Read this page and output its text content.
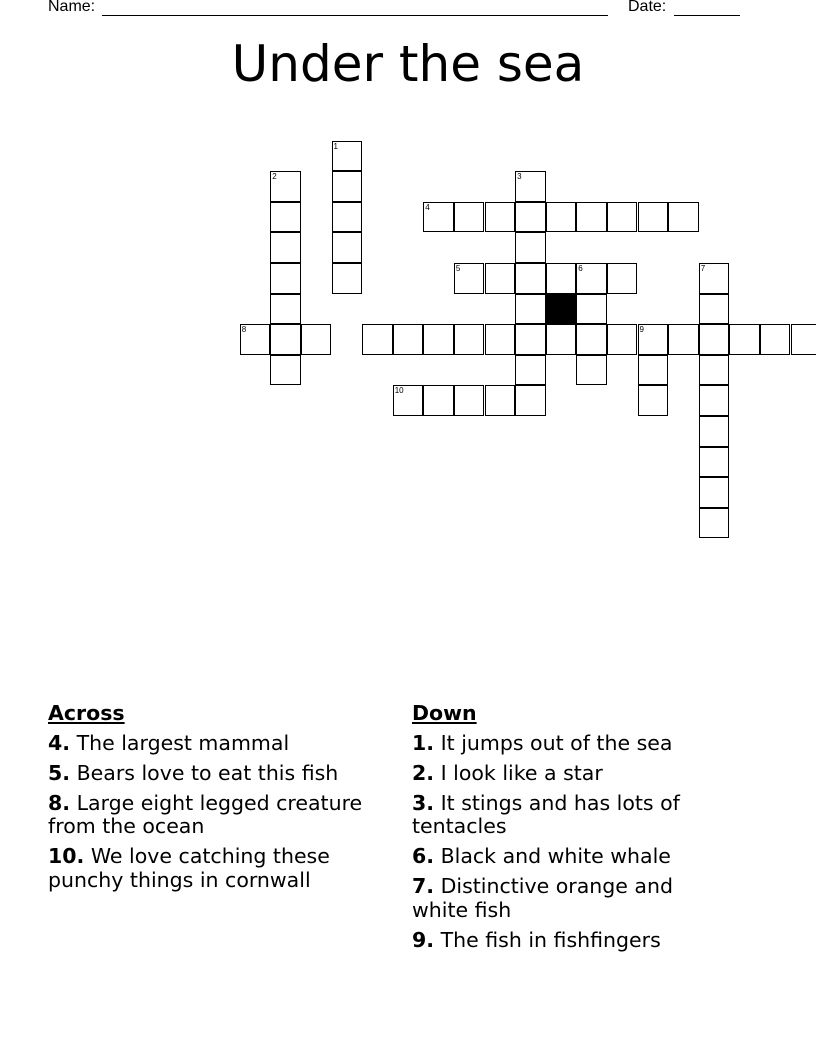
Name:	Date:
Under the sea
1
2	3
4
5	6	7
8	9
10
Across
4. The largest mammal
5. Bears love to eat this fish
8. Large eight legged creature from the ocean
10. We love catching these punchy things in cornwall
Down
1. It jumps out of the sea
2. I look like a star
3. It stings and has lots of tentacles
6. Black and white whale
7. Distinctive orange and white fish
9. The fish in fishfingers
